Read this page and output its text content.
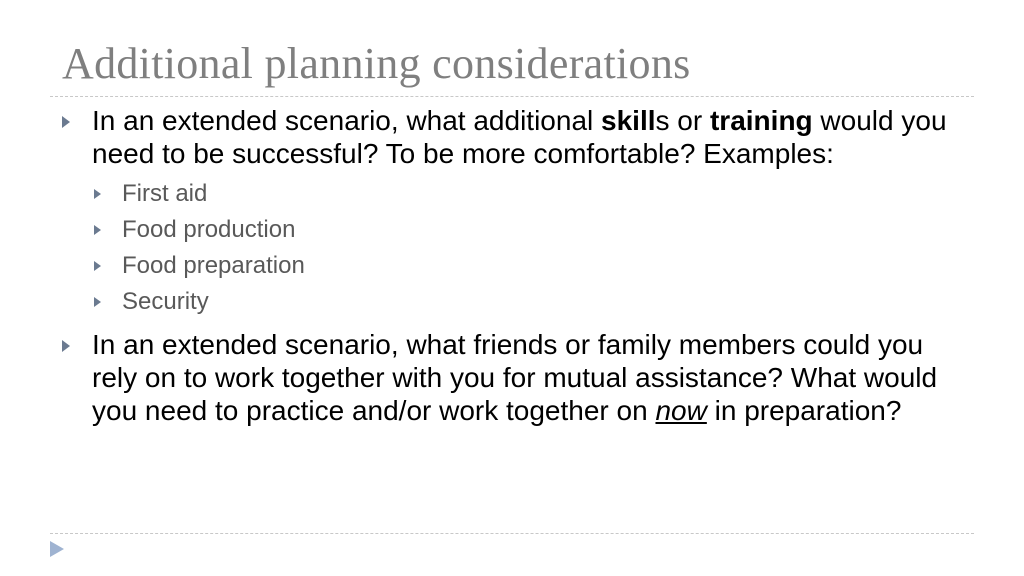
Additional planning considerations
In an extended scenario, what additional skills or training would you need to be successful? To be more comfortable? Examples:
First aid
Food production
Food preparation
Security
In an extended scenario, what friends or family members could you rely on to work together with you for mutual assistance? What would you need to practice and/or work together on now in preparation?
